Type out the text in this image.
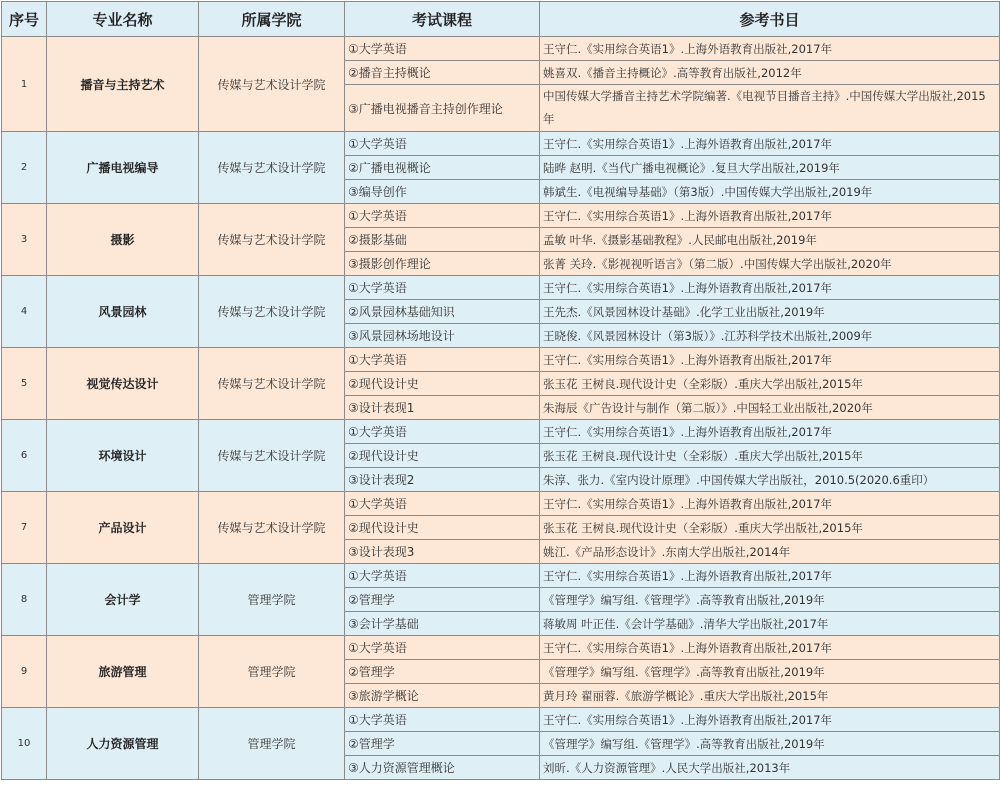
序号	专业名称	所属学院	考试课程	参考书目
1	播音与主持艺术	传媒与艺术设计学院	①大学英语	王守仁.《实用综合英语1》.上海外语教育出版社,2017年
			②播音主持概论	姚喜双.《播音主持概论》.高等教育出版社,2012年
			③广播电视播音主持创作理论	中国传媒大学播音主持艺术学院编著.《电视节目播音主持》.中国传媒大学出版社,2015年
2	广播电视编导	传媒与艺术设计学院	①大学英语	王守仁.《实用综合英语1》.上海外语教育出版社,2017年
			②广播电视概论	陆晔 赵明.《当代广播电视概论》.复旦大学出版社,2019年
			③编导创作	韩斌生.《电视编导基础》（第3版）.中国传媒大学出版社,2019年
3	摄影	传媒与艺术设计学院	①大学英语	王守仁.《实用综合英语1》.上海外语教育出版社,2017年
			②摄影基础	孟敏 叶华.《摄影基础教程》.人民邮电出版社,2019年
			③摄影创作理论	张菁 关玲.《影视视听语言》（第二版）.中国传媒大学出版社,2020年
4	风景园林	传媒与艺术设计学院	①大学英语	王守仁.《实用综合英语1》.上海外语教育出版社,2017年
			②风景园林基础知识	王先杰.《风景园林设计基础》.化学工业出版社,2019年
			③风景园林场地设计	王晓俊.《风景园林设计（第3版）》.江苏科学技术出版社,2009年
5	视觉传达设计	传媒与艺术设计学院	①大学英语	王守仁.《实用综合英语1》.上海外语教育出版社,2017年
			②现代设计史	张玉花 王树良.现代设计史（全彩版）.重庆大学出版社,2015年
			③设计表现1	朱海辰《广告设计与制作（第二版）》.中国轻工业出版社,2020年
6	环境设计	传媒与艺术设计学院	①大学英语	王守仁.《实用综合英语1》.上海外语教育出版社,2017年
			②现代设计史	张玉花 王树良.现代设计史（全彩版）.重庆大学出版社,2015年
			③设计表现2	朱淳、张力.《室内设计原理》.中国传媒大学出版社，2010.5(2020.6重印）
7	产品设计	传媒与艺术设计学院	①大学英语	王守仁.《实用综合英语1》.上海外语教育出版社,2017年
			②现代设计史	张玉花 王树良.现代设计史（全彩版）.重庆大学出版社,2015年
			③设计表现3	姚江.《产品形态设计》.东南大学出版社,2014年
8	会计学	管理学院	①大学英语	王守仁.《实用综合英语1》.上海外语教育出版社,2017年
			②管理学	《管理学》编写组.《管理学》.高等教育出版社,2019年
			③会计学基础	蒋敏周 叶正佳.《会计学基础》.清华大学出版社,2017年
9	旅游管理	管理学院	①大学英语	王守仁.《实用综合英语1》.上海外语教育出版社,2017年
			②管理学	《管理学》编写组.《管理学》.高等教育出版社,2019年
			③旅游学概论	黄月玲 翟丽蓉.《旅游学概论》.重庆大学出版社,2015年
10	人力资源管理	管理学院	①大学英语	王守仁.《实用综合英语1》.上海外语教育出版社,2017年
			②管理学	《管理学》编写组.《管理学》.高等教育出版社,2019年
			③人力资源管理概论	刘昕.《人力资源管理》.人民大学出版社,2013年
